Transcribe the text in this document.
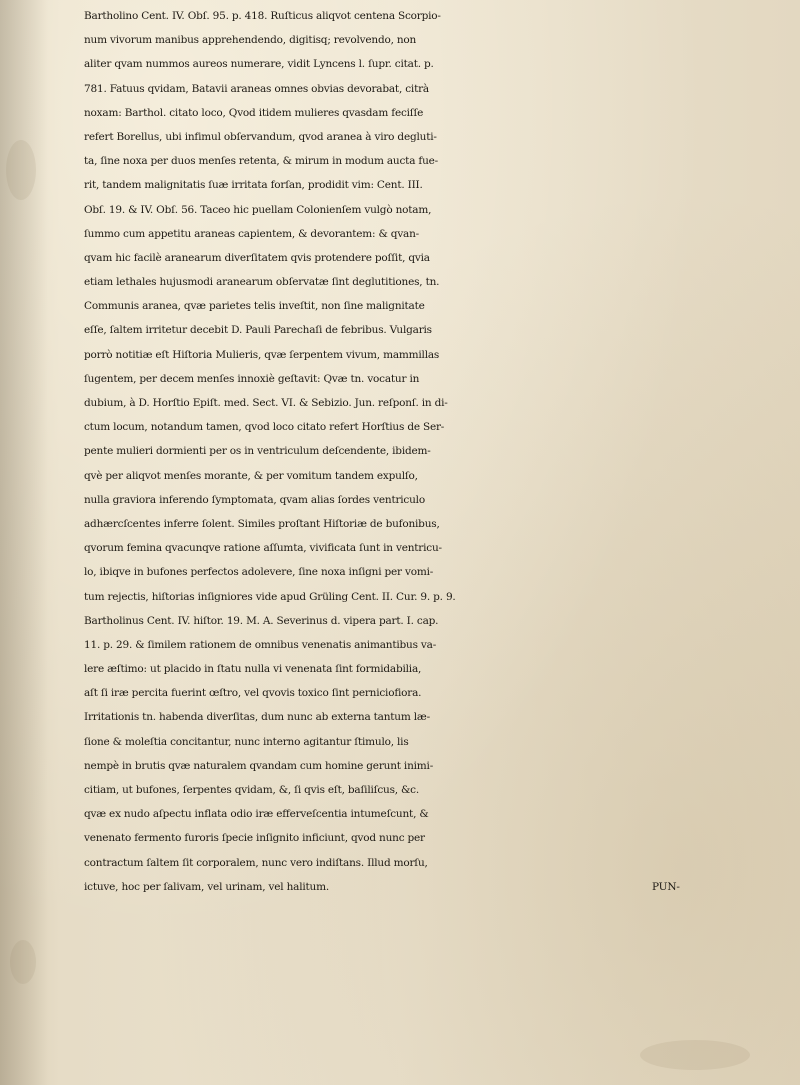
Bartholino Cent. IV. Obſ. 95. p. 418. Ruſticus aliqvot centena Scorpio-
num vivorum manibus apprehendendo, digitisq; revolvendo, non
aliter qvam nummos aureos numerare, vidit Lyncens l. ſupr. citat. p.
781. Fatuus qvidam, Batavii araneas omnes obvias devorabat, citrà
noxam: Barthol. citato loco, Qvod itidem mulieres qvasdam feciſſe
refert Borellus, ubi infimul obſervandum, qvod aranea à viro degluti-
ta, ſine noxa per duos menſes retenta, & mirum in modum aucta fue-
rit, tandem malignitatis ſuæ irritata forſan, prodidit vim: Cent. III.
Obſ. 19. & IV. Obſ. 56. Taceo hic puellam Colonienſem vulgò notam,
ſummo cum appetitu araneas capientem, & devorantem: & qvan-
qvam hic facilè aranearum diverſitatem qvis protendere poſſit, qvia
etiam lethales hujusmodi aranearum obſervatæ ſint deglutitiones, tn.
Communis aranea, qvæ parietes telis inveſtit, non ſine malignitate
eſſe, ſaltem irritetur decebit D. Pauli Parechaſi de febribus. Vulgaris
porrò notitiæ eſt Hiſtoria Mulieris, qvæ ſerpentem vivum, mammillas
ſugentem, per decem menſes innoxiè geſtavit: Qvæ tn. vocatur in
dubium, à D. Horſtio Epiſt. med. Sect. VI. & Sebizio. Jun. reſponſ. in di-
ctum locum, notandum tamen, qvod loco citato refert Horſtius de Ser-
pente mulieri dormienti per os in ventriculum deſcendente, ibidem-
qvè per aliqvot menſes morante, & per vomitum tandem expulſo,
nulla graviora inferendo ſymptomata, qvam alias ſordes ventriculo
adhærcſcentes inferre ſolent. Similes proſtant Hiſtoriæ de bufonibus,
qvorum femina qvacunqve ratione aſſumta, vivificata ſunt in ventricu-
lo, ibiqve in bufones perfectos adolevere, ſine noxa inſigni per vomi-
tum rejectis, hiſtorias inſigniores vide apud Grüling Cent. II. Cur. 9. p. 9.
Bartholinus Cent. IV. hiſtor. 19. M. A. Severinus d. vipera part. I. cap.
11. p. 29. & ſimilem rationem de omnibus venenatis animantibus va-
lere æſtimo: ut placido in ſtatu nulla vi venenata ſint formidabilia,
aſt ſi iræ percita fuerint œſtro, vel qvovis toxico ſint perniciofiora.
Irritationis tn. habenda diverſitas, dum nunc ab externa tantum læ-
ſione & moleſtia concitantur, nunc interno agitantur ſtimulo, lis
nempè in brutis qvæ naturalem qvandam cum homine gerunt inimi-
citiam, ut bufones, ſerpentes qvidam, &, ſi qvis eſt, baſiliſcus, &c.
qvæ ex nudo aſpectu inflata odio iræ efferveſcentia intumeſcunt, &
venenato fermento furoris ſpecie inſignito inficiunt, qvod nunc per
contractum ſaltem ſit corporalem, nunc vero indiſtans. Illud morſu,
ictuve, hoc per ſalivam, vel urinam, vel halitum.	PUN-
